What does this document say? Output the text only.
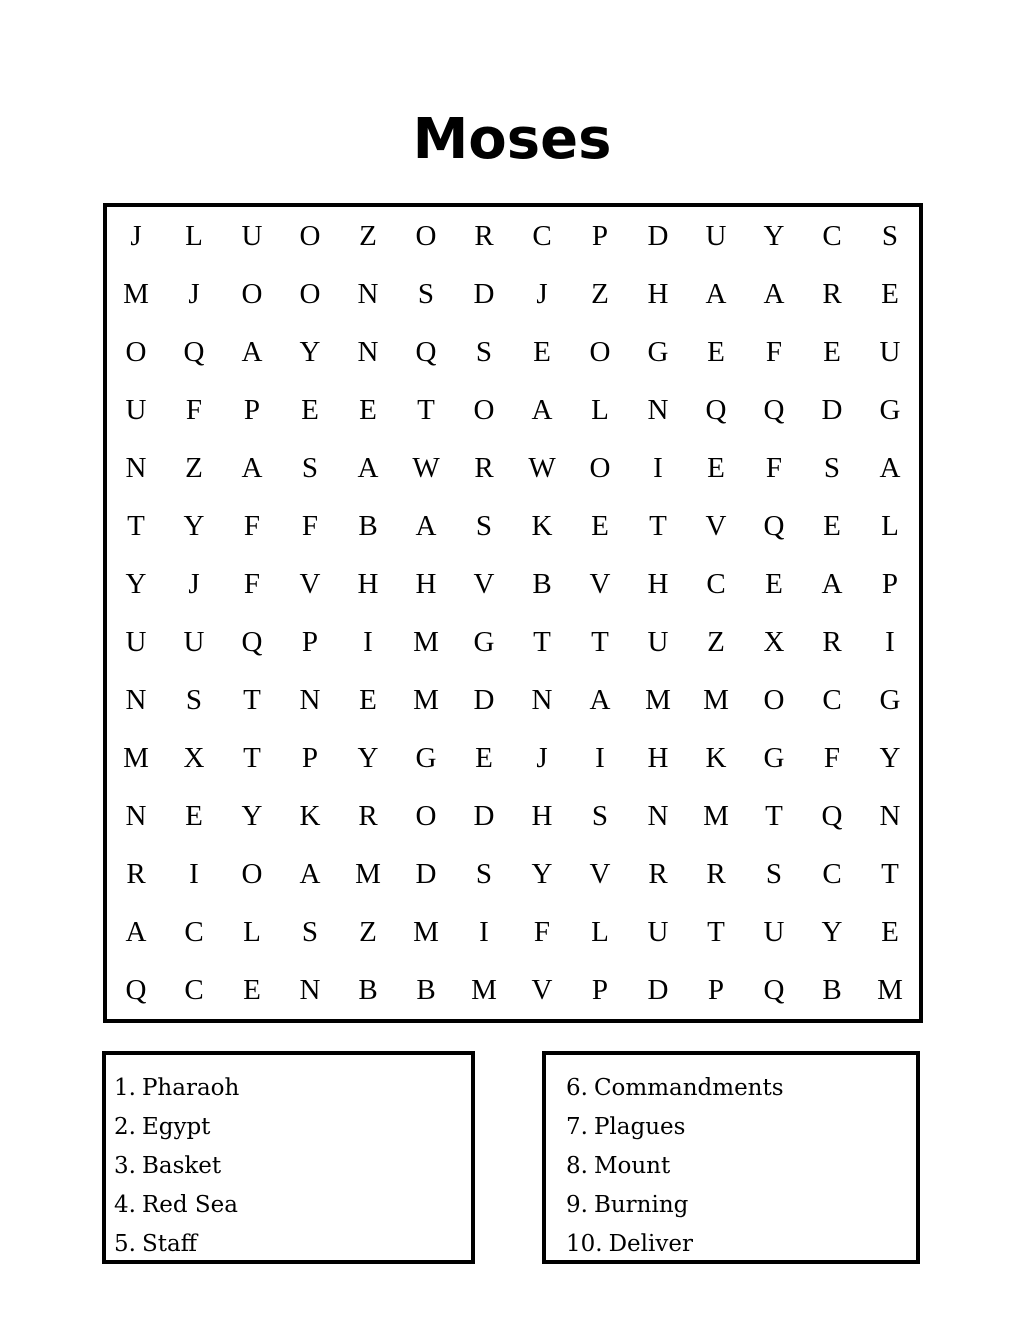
Moses
J	L	U	O	Z	O	R	C	P	D	U	Y	C	S
M	J	O	O	N	S	D	J	Z	H	A	A	R	E
O	Q	A	Y	N	Q	S	E	O	G	E	F	E	U
U	F	P	E	E	T	O	A	L	N	Q	Q	D	G
N	Z	A	S	A	W	R	W	O	I	E	F	S	A
T	Y	F	F	B	A	S	K	E	T	V	Q	E	L
Y	J	F	V	H	H	V	B	V	H	C	E	A	P
U	U	Q	P	I	M	G	T	T	U	Z	X	R	I
N	S	T	N	E	M	D	N	A	M	M	O	C	G
M	X	T	P	Y	G	E	J	I	H	K	G	F	Y
N	E	Y	K	R	O	D	H	S	N	M	T	Q	N
R	I	O	A	M	D	S	Y	V	R	R	S	C	T
A	C	L	S	Z	M	I	F	L	U	T	U	Y	E
Q	C	E	N	B	B	M	V	P	D	P	Q	B	M
1. Pharaoh
2. Egypt
3. Basket
4. Red Sea
5. Staff
6. Commandments
7. Plagues
8. Mount
9. Burning
10. Deliver
